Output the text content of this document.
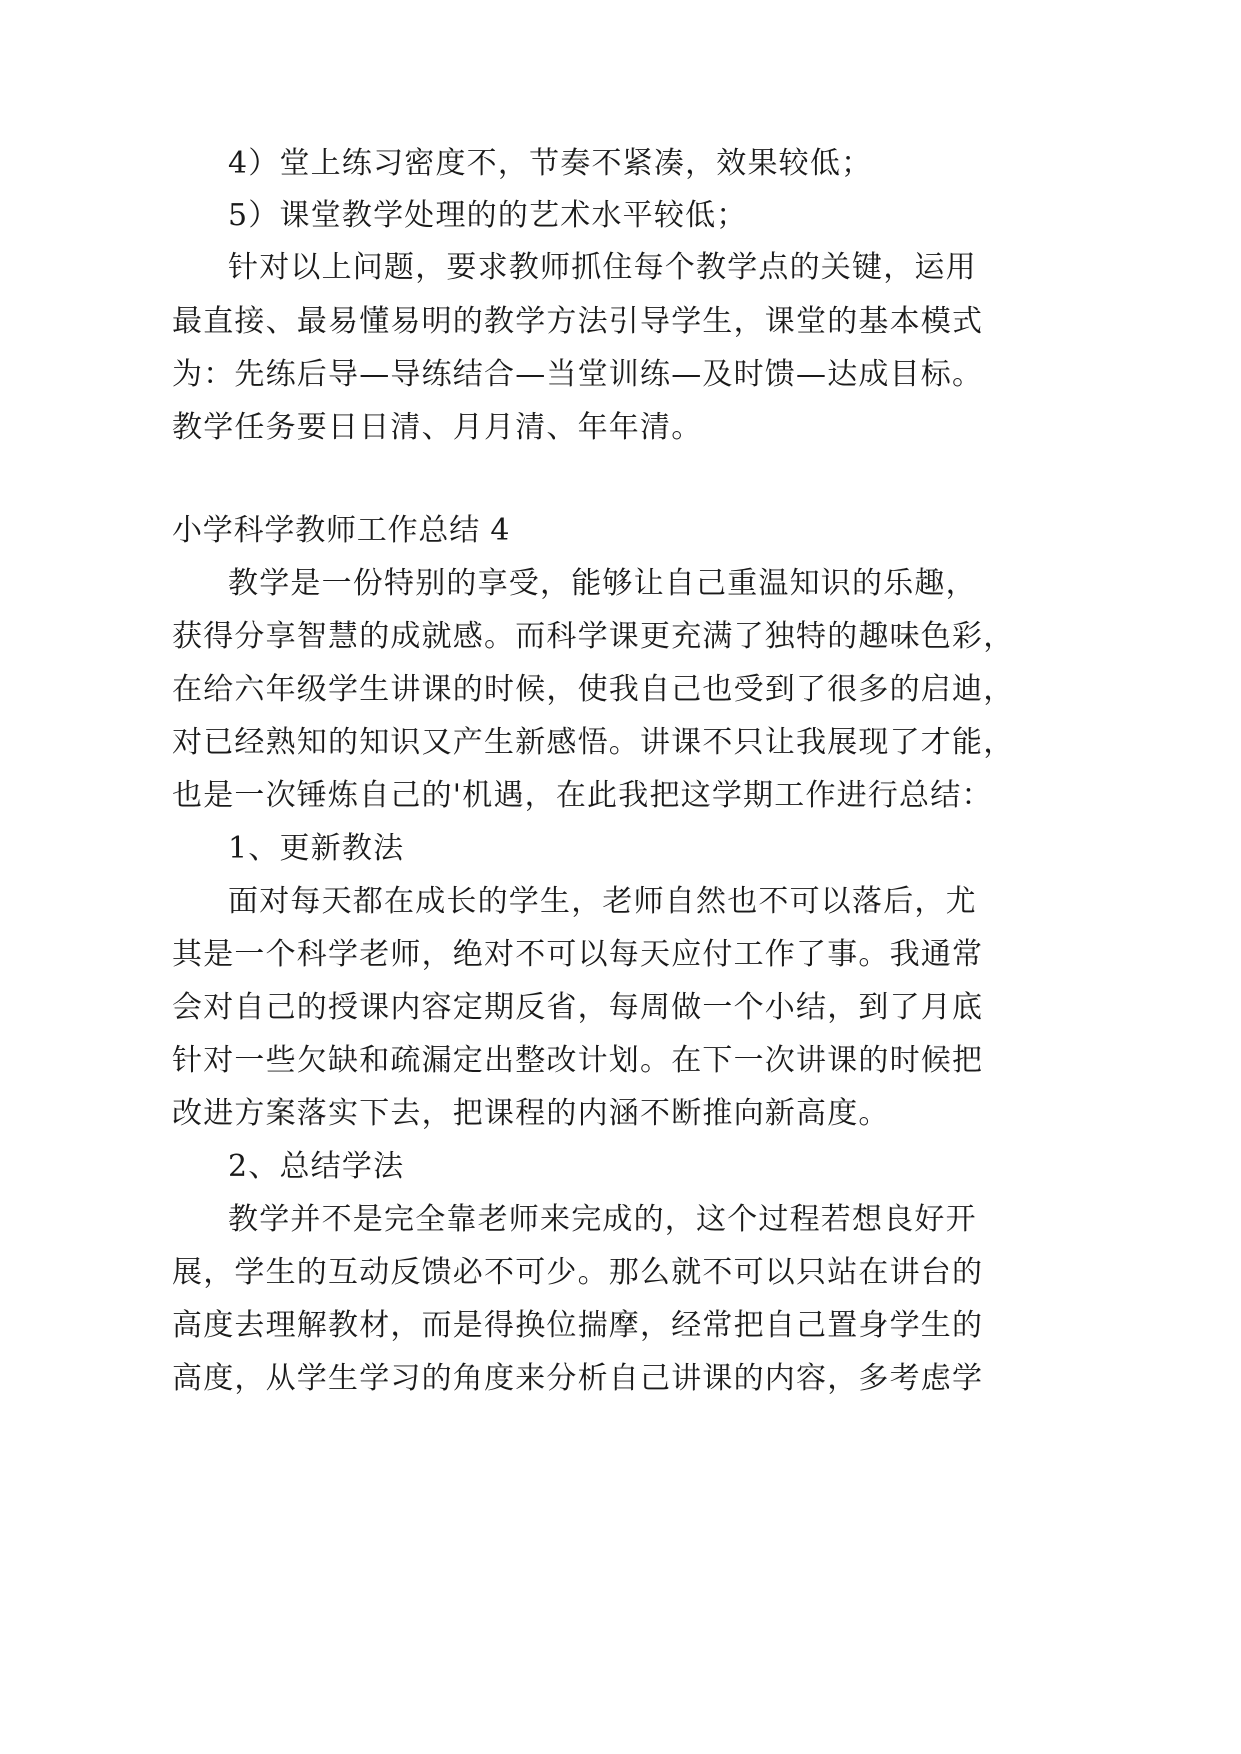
4）堂上练习密度不，节奏不紧凑，效果较低；
5）课堂教学处理的的艺术水平较低；
针对以上问题，要求教师抓住每个教学点的关键，运用
最直接、最易懂易明的教学方法引导学生，课堂的基本模式
为：先练后导—导练结合—当堂训练—及时馈—达成目标。
教学任务要日日清、月月清、年年清。
小学科学教师工作总结 4
教学是一份特别的享受，能够让自己重温知识的乐趣，
获得分享智慧的成就感。而科学课更充满了独特的趣味色彩，
在给六年级学生讲课的时候，使我自己也受到了很多的启迪，
对已经熟知的知识又产生新感悟。讲课不只让我展现了才能，
也是一次锤炼自己的'机遇，在此我把这学期工作进行总结：
1、更新教法
面对每天都在成长的学生，老师自然也不可以落后，尤
其是一个科学老师，绝对不可以每天应付工作了事。我通常
会对自己的授课内容定期反省，每周做一个小结，到了月底
针对一些欠缺和疏漏定出整改计划。在下一次讲课的时候把
改进方案落实下去，把课程的内涵不断推向新高度。
2、总结学法
教学并不是完全靠老师来完成的，这个过程若想良好开
展，学生的互动反馈必不可少。那么就不可以只站在讲台的
高度去理解教材，而是得换位揣摩，经常把自己置身学生的
高度，从学生学习的角度来分析自己讲课的内容，多考虑学
